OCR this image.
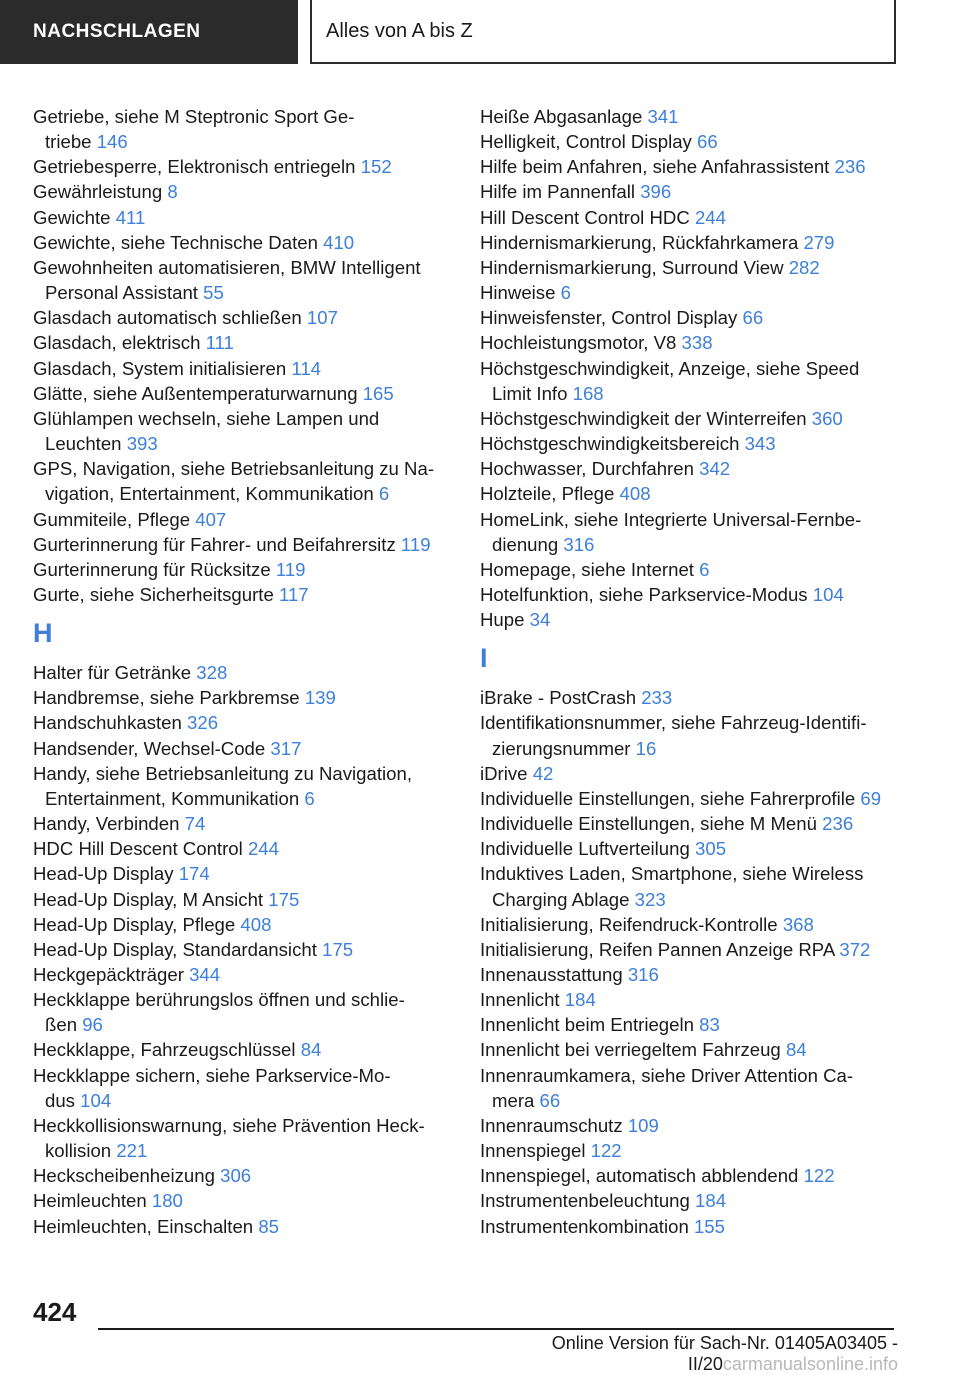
NACHSCHLAGEN	Alles von A bis Z
Getriebe, siehe M Steptronic Sport Ge-
triebe 146
Getriebesperre, Elektronisch entriegeln 152
Gewährleistung 8
Gewichte 411
Gewichte, siehe Technische Daten 410
Gewohnheiten automatisieren, BMW Intelligent
Personal Assistant 55
Glasdach automatisch schließen 107
Glasdach, elektrisch 111
Glasdach, System initialisieren 114
Glätte, siehe Außentemperaturwarnung 165
Glühlampen wechseln, siehe Lampen und
Leuchten 393
GPS, Navigation, siehe Betriebsanleitung zu Na-
vigation, Entertainment, Kommunikation 6
Gummiteile, Pflege 407
Gurterinnerung für Fahrer- und Beifahrersitz 119
Gurterinnerung für Rücksitze 119
Gurte, siehe Sicherheitsgurte 117
H
Halter für Getränke 328
Handbremse, siehe Parkbremse 139
Handschuhkasten 326
Handsender, Wechsel-Code 317
Handy, siehe Betriebsanleitung zu Navigation,
Entertainment, Kommunikation 6
Handy, Verbinden 74
HDC Hill Descent Control 244
Head-Up Display 174
Head-Up Display, M Ansicht 175
Head-Up Display, Pflege 408
Head-Up Display, Standardansicht 175
Heckgepäckträger 344
Heckklappe berührungslos öffnen und schlie-
ßen 96
Heckklappe, Fahrzeugschlüssel 84
Heckklappe sichern, siehe Parkservice-Mo-
dus 104
Heckkollisionswarnung, siehe Prävention Heck-
kollision 221
Heckscheibenheizung 306
Heimleuchten 180
Heimleuchten, Einschalten 85
Heiße Abgasanlage 341
Helligkeit, Control Display 66
Hilfe beim Anfahren, siehe Anfahrassistent 236
Hilfe im Pannenfall 396
Hill Descent Control HDC 244
Hindernismarkierung, Rückfahrkamera 279
Hindernismarkierung, Surround View 282
Hinweise 6
Hinweisfenster, Control Display 66
Hochleistungsmotor, V8 338
Höchstgeschwindigkeit, Anzeige, siehe Speed
Limit Info 168
Höchstgeschwindigkeit der Winterreifen 360
Höchstgeschwindigkeitsbereich 343
Hochwasser, Durchfahren 342
Holzteile, Pflege 408
HomeLink, siehe Integrierte Universal-Fernbe-
dienung 316
Homepage, siehe Internet 6
Hotelfunktion, siehe Parkservice-Modus 104
Hupe 34
I
iBrake - PostCrash 233
Identifikationsnummer, siehe Fahrzeug-Identifi-
zierungsnummer 16
iDrive 42
Individuelle Einstellungen, siehe Fahrerprofile 69
Individuelle Einstellungen, siehe M Menü 236
Individuelle Luftverteilung 305
Induktives Laden, Smartphone, siehe Wireless
Charging Ablage 323
Initialisierung, Reifendruck-Kontrolle 368
Initialisierung, Reifen Pannen Anzeige RPA 372
Innenausstattung 316
Innenlicht 184
Innenlicht beim Entriegeln 83
Innenlicht bei verriegeltem Fahrzeug 84
Innenraumkamera, siehe Driver Attention Ca-
mera 66
Innenraumschutz 109
Innenspiegel 122
Innenspiegel, automatisch abblendend 122
Instrumentenbeleuchtung 184
Instrumentenkombination 155
424
Online Version für Sach-Nr. 01405A03405 - II/20carmanualsonline.info
